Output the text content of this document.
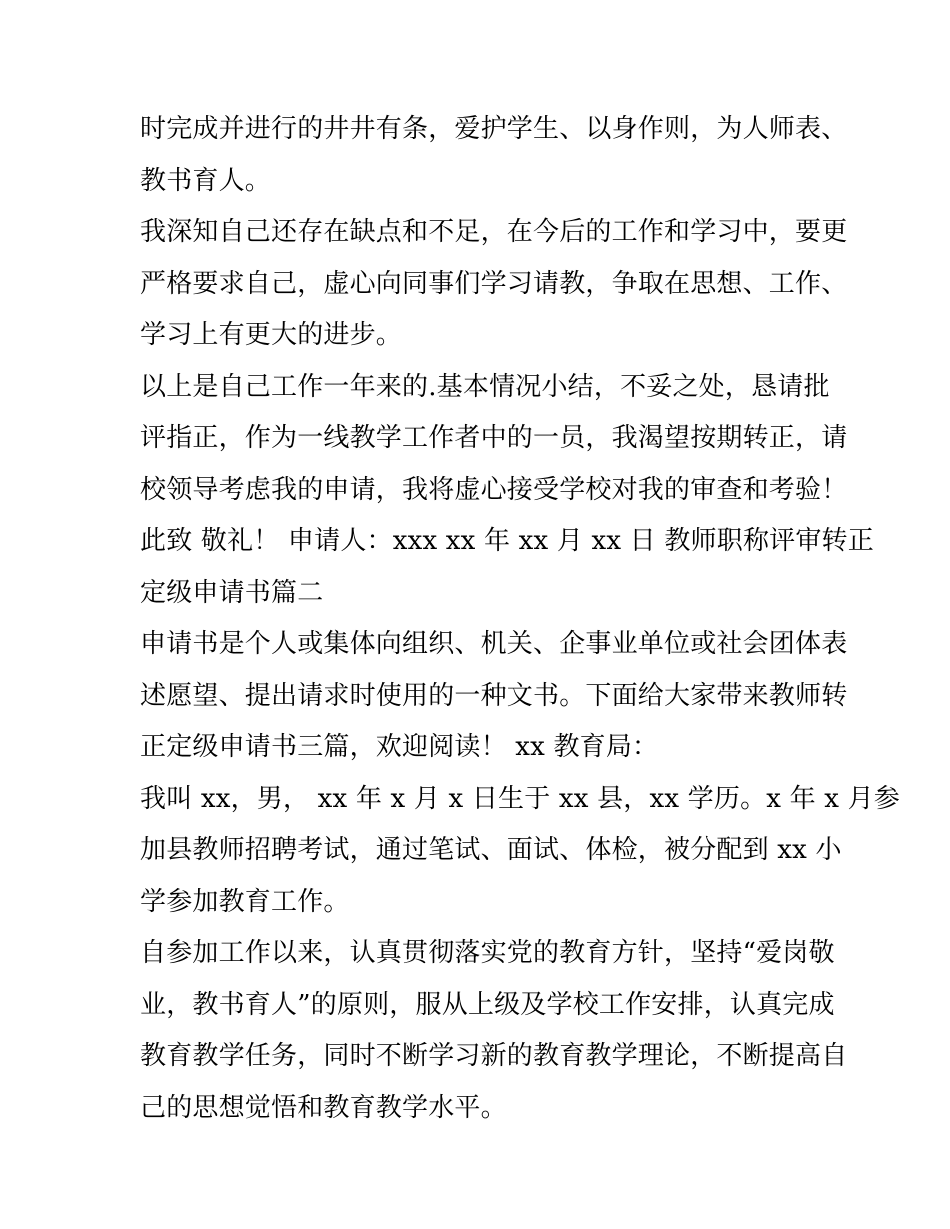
时完成并进行的井井有条，爱护学生、以身作则，为人师表、
教书育人。
我深知自己还存在缺点和不足，在今后的工作和学习中，要更
严格要求自己，虚心向同事们学习请教，争取在思想、工作、
学习上有更大的进步。
以上是自己工作一年来的.基本情况小结，不妥之处，恳请批
评指正，作为一线教学工作者中的一员，我渴望按期转正，请
校领导考虑我的申请，我将虚心接受学校对我的审查和考验！
此致 敬礼！ 申请人：xxx xx 年 xx 月 xx 日 教师职称评审转正
定级申请书篇二
申请书是个人或集体向组织、机关、企事业单位或社会团体表
述愿望、提出请求时使用的一种文书。下面给大家带来教师转
正定级申请书三篇，欢迎阅读！ xx 教育局：
我叫 xx，男， xx 年 x 月 x 日生于 xx 县，xx 学历。x 年 x 月参
加县教师招聘考试，通过笔试、面试、体检，被分配到 xx 小
学参加教育工作。
自参加工作以来，认真贯彻落实党的教育方针，坚持“爱岗敬
业，教书育人”的原则，服从上级及学校工作安排，认真完成
教育教学任务，同时不断学习新的教育教学理论，不断提高自
己的思想觉悟和教育教学水平。
